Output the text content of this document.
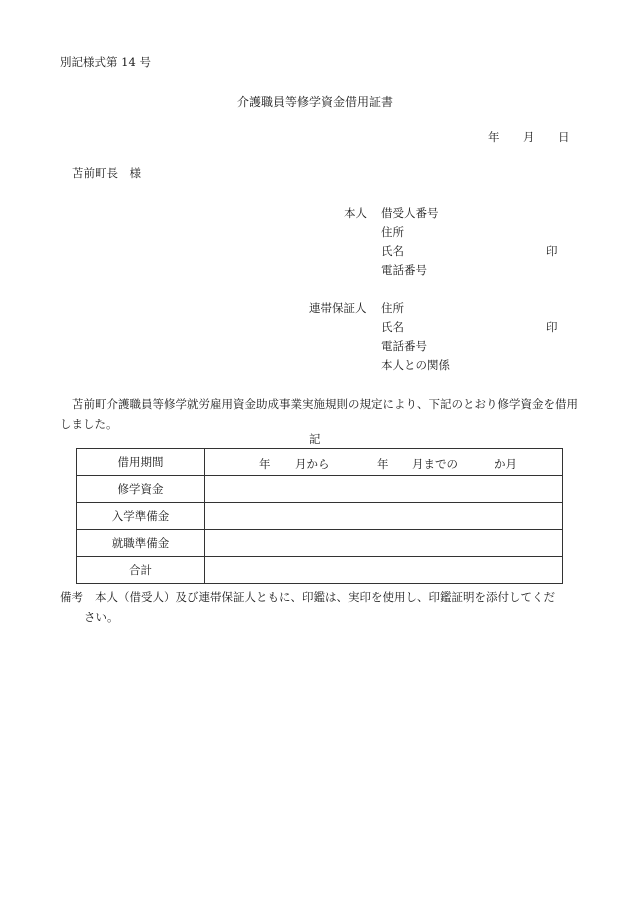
別記様式第 14 号
介護職員等修学資金借用証書
年 月 日
苫前町長　様
本人 借受人番号
住所
氏名	印
電話番号
連帯保証人 住所
氏名	印
電話番号
本人との関係
苫前町介護職員等修学就労雇用資金助成事業実施規則の規定により、下記のとおり修学資金を借用しました。
記
借用期間	年 月から 年 月までの か月

修学資金	
入学準備金	
就職準備金	
合計	
備考 本人（借受人）及び連帯保証人ともに、印鑑は、実印を使用し、印鑑証明を添付してくだ
さい。
